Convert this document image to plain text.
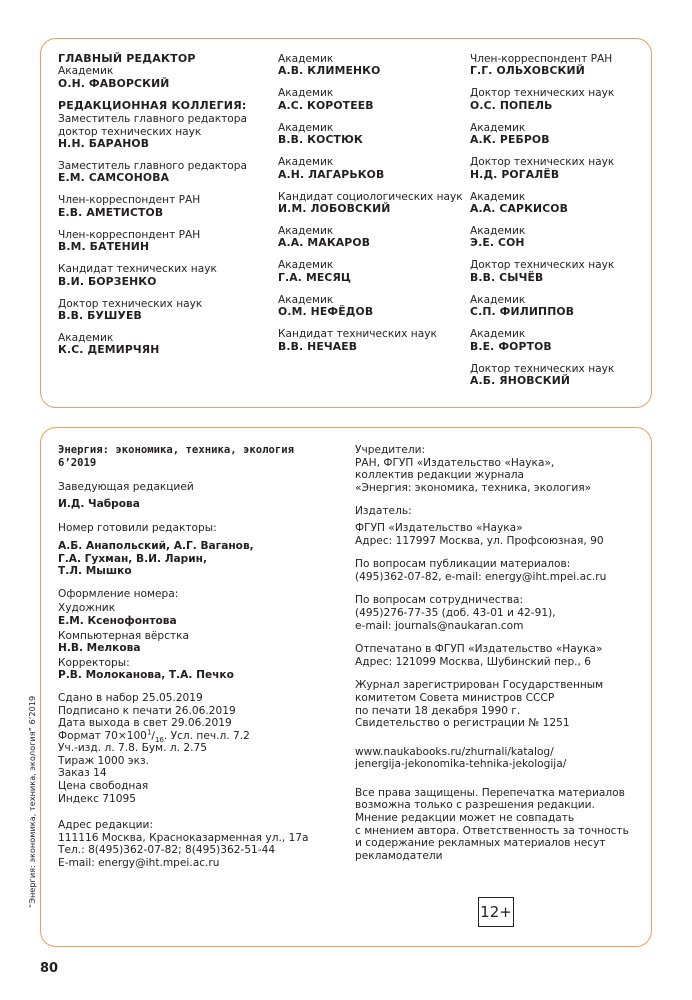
ГЛАВНЫЙ РЕДАКТОР
Академик
О.Н. ФАВОРСКИЙ
РЕДАКЦИОННАЯ КОЛЛЕГИЯ:
Заместитель главного редактора доктор технических наук
Н.Н. БАРАНОВ
Заместитель главного редактора
Е.М. САМСОНОВА
Член-корреспондент РАН
Е.В. АМЕТИСТОВ
Член-корреспондент РАН
В.М. БАТЕНИН
Кандидат технических наук
В.И. БОРЗЕНКО
Доктор технических наук
В.В. БУШУЕВ
Академик
К.С. ДЕМИРЧЯН
Академик
А.В. КЛИМЕНКО
Академик
А.С. КОРОТЕЕВ
Академик
В.В. КОСТЮК
Академик
А.Н. ЛАГАРЬКОВ
Кандидат социологических наук
И.М. ЛОБОВСКИЙ
Академик
А.А. МАКАРОВ
Академик
Г.А. МЕСЯЦ
Академик
О.М. НЕФЁДОВ
Кандидат технических наук
В.В. НЕЧАЕВ
Член-корреспондент РАН
Г.Г. ОЛЬХОВСКИЙ
Доктор технических наук
О.С. ПОПЕЛЬ
Академик
А.К. РЕБРОВ
Доктор технических наук
Н.Д. РОГАЛЁВ
Академик
А.А. САРКИСОВ
Академик
Э.Е. СОН
Доктор технических наук
В.В. СЫЧЁВ
Академик
С.П. ФИЛИППОВ
Академик
В.Е. ФОРТОВ
Доктор технических наук
А.Б. ЯНОВСКИЙ
Энергия: экономика, техника, экология
6’2019
Заведующая редакцией
И.Д. Чаброва
Номер готовили редакторы:
А.Б. Анапольский, А.Г. Ваганов,
Г.А. Гухман, В.И. Ларин,
Т.Л. Мышко
Оформление номера:
Художник
Е.М. Ксенофонтова
Компьютерная вёрстка
Н.В. Мелкова
Корректоры:
Р.В. Молоканова, Т.А. Печко
Сдано в набор 25.05.2019
Подписано к печати 26.06.2019
Дата выхода в свет 29.06.2019
Формат $70\times 100^1/_{16}$. Усл. печ.л. 7.2
Уч.-изд. л. 7.8. Бум. л. 2.75
Тираж 1000 экз.
Заказ 14
Цена свободная
Индекс 71095
Адрес редакции:
111116 Москва, Красноказарменная ул., 17а
Тел.: 8(495)362-07-82; 8(495)362-51-44
E-mail: energy@iht.mpei.ac.ru
Учредители:
РАН, ФГУП «Издательство «Наука»,
коллектив редакции журнала
«Энергия: экономика, техника, экология»
Издатель:
ФГУП «Издательство «Наука»
Адрес: 117997 Москва, ул. Профсоюзная, 90
По вопросам публикации материалов:
(495)362-07-82, e-mail: energy@iht.mpei.ac.ru
По вопросам сотрудничества:
(495)276-77-35 (доб. 43-01 и 42-91),
e-mail: journals@naukaran.com
Отпечатано в ФГУП «Издательство «Наука»
Адрес: 121099 Москва, Шубинский пер., 6
Журнал зарегистрирован Государственным
комитетом Совета министров СССР
по печати 18 декабря 1990 г.
Свидетельство о регистрации № 1251
www.naukabooks.ru/zhurnali/katalog/
jenergija-jekonomika-tehnika-jekologija/
Все права защищены. Перепечатка материалов
возможна только с разрешения редакции.
Мнение редакции может не совпадать
с мнением автора. Ответственность за точность
и содержание рекламных материалов несут
рекламодатели
12+
“Энергия: экономика, техника, экология” 6’2019
80
